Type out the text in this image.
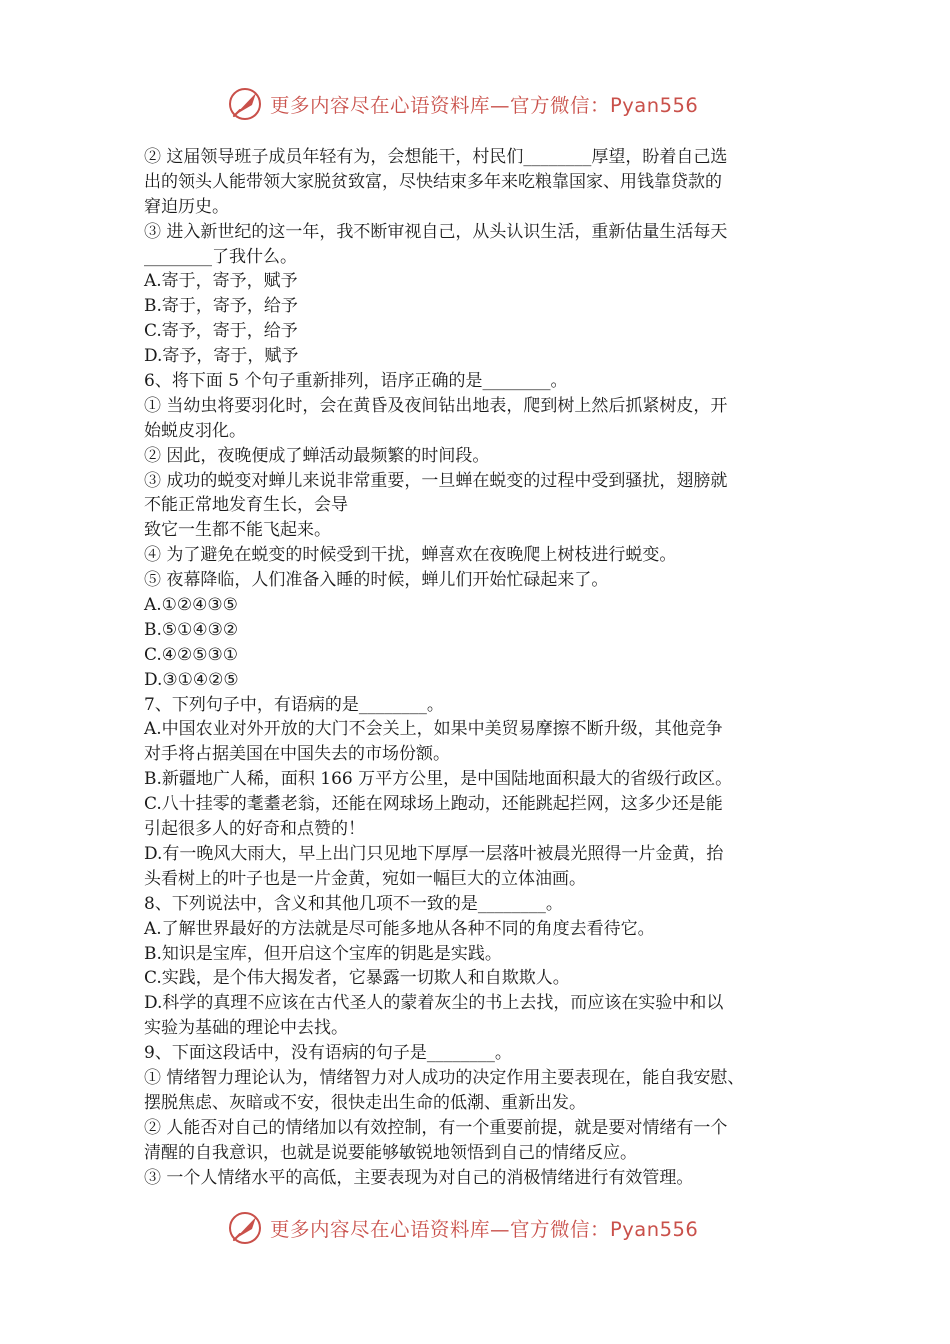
更多内容尽在心语资料库—官方微信：Pyan556
② 这届领导班子成员年轻有为，会想能干，村民们________厚望，盼着自己选
出的领头人能带领大家脱贫致富，尽快结束多年来吃粮靠国家、用钱靠贷款的
窘迫历史。
③ 进入新世纪的这一年，我不断审视自己，从头认识生活，重新估量生活每天
________了我什么。
A.寄于，寄予，赋予
B.寄于，寄予，给予
C.寄予，寄于，给予
D.寄予，寄于，赋予
6、将下面 5 个句子重新排列，语序正确的是________。
① 当幼虫将要羽化时，会在黄昏及夜间钻出地表，爬到树上然后抓紧树皮，开
始蜕皮羽化。
② 因此，夜晚便成了蝉活动最频繁的时间段。
③ 成功的蜕变对蝉儿来说非常重要，一旦蝉在蜕变的过程中受到骚扰，翅膀就
不能正常地发育生长，会导
致它一生都不能飞起来。
④ 为了避免在蜕变的时候受到干扰，蝉喜欢在夜晚爬上树枝进行蜕变。
⑤ 夜幕降临，人们准备入睡的时候，蝉儿们开始忙碌起来了。
A.①②④③⑤
B.⑤①④③②
C.④②⑤③①
D.③①④②⑤
7、下列句子中，有语病的是________。
A.中国农业对外开放的大门不会关上，如果中美贸易摩擦不断升级，其他竞争
对手将占据美国在中国失去的市场份额。
B.新疆地广人稀，面积 166 万平方公里，是中国陆地面积最大的省级行政区。
C.八十挂零的耄耋老翁，还能在网球场上跑动，还能跳起拦网，这多少还是能
引起很多人的好奇和点赞的！
D.有一晚风大雨大，早上出门只见地下厚厚一层落叶被晨光照得一片金黄，抬
头看树上的叶子也是一片金黄，宛如一幅巨大的立体油画。
8、下列说法中，含义和其他几项不一致的是________。
A.了解世界最好的方法就是尽可能多地从各种不同的角度去看待它。
B.知识是宝库，但开启这个宝库的钥匙是实践。
C.实践，是个伟大揭发者，它暴露一切欺人和自欺欺人。
D.科学的真理不应该在古代圣人的蒙着灰尘的书上去找，而应该在实验中和以
实验为基础的理论中去找。
9、下面这段话中，没有语病的句子是________。
① 情绪智力理论认为，情绪智力对人成功的决定作用主要表现在，能自我安慰、
摆脱焦虑、灰暗或不安，很快走出生命的低潮、重新出发。
② 人能否对自己的情绪加以有效控制，有一个重要前提，就是要对情绪有一个
清醒的自我意识，也就是说要能够敏锐地领悟到自己的情绪反应。
③ 一个人情绪水平的高低，主要表现为对自己的消极情绪进行有效管理。
更多内容尽在心语资料库—官方微信：Pyan556
